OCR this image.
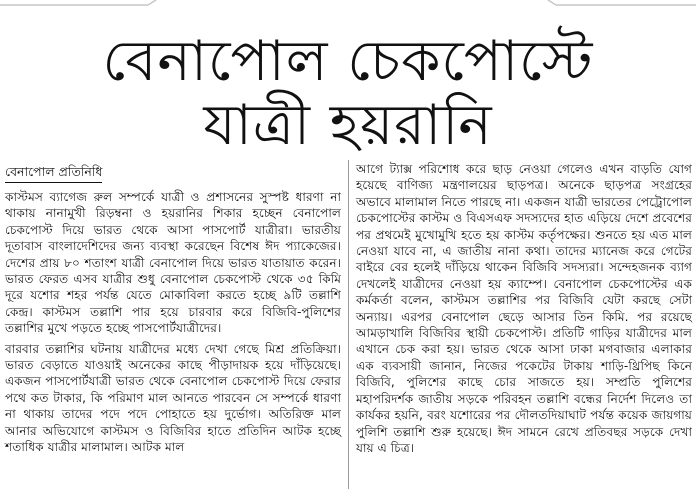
বেনাপোল চেকপোস্টে
যাত্রী হয়রানি
বেনাপোল প্রতিনিধি

কাস্টমস ব্যাগেজ রুল সম্পর্কে যাত্রী ও প্রশাসনের সুস্পষ্ট ধারণা না থাকায় নানামুখী রিড়ম্বনা ও হয়রানির শিকার হচ্ছেন বেনাপোল চেকপোস্ট দিয়ে ভারত থেকে আসা পাসপোর্ট যাত্রীরা। ভারতীয় দূতাবাস বাংলাদেশিদের জন্য ব্যবস্থা করেছেন বিশেষ ঈদ প্যাকেজের। দেশের প্রায় ৮০ শতাংশ যাত্রী বেনাপোল দিয়ে ভারত যাতায়াত করেন। ভারত ফেরত এসব যাত্রীর শুধু বেনাপোল চেকপোস্ট থেকে ৩৫ কিমি দূরে যশোর শহর পর্যন্ত যেতে মোকাবিলা করতে হচ্ছে ৯টি তল্লাশি কেন্দ্র। কাস্টমস তল্লাশি পার হয়ে চারবার করে বিজিবি-পুলিশের তল্লাশির মুখে পড়তে হচ্ছে পাসপোর্টযাত্রীদের।

বারবার তল্লাশির ঘটনায় যাত্রীদের মধ্যে দেখা গেছে মিশ্র প্রতিক্রিয়া। ভারত বেড়াতে যাওয়াই অনেকের কাছে পীড়াদায়ক হয়ে দাঁড়িয়েছে। একজন পাসপোর্টযাত্রী ভারত থেকে বেনাপোল চেকপোস্ট দিয়ে ফেরার পথে কত টাকার, কি পরিমাণ মাল আনতে পারবেন সে সম্পর্কে ধারণা না থাকায় তাদের পদে পদে পোহাতে হয় দুর্ভোগ। অতিরিক্ত মাল আনার অভিযোগে কাস্টমস ও বিজিবির হাতে প্রতিদিন আটক হচ্ছে শতাধিক যাত্রীর মালামাল। আটক মাল

আগে ট্যাক্স পরিশোধ করে ছাড় নেওয়া গেলেও এখন বাড়তি যোগ হয়েছে বাণিজ্য মন্ত্রণালয়ের ছাড়পত্র। অনেকে ছাড়পত্র সংগ্রহের অভাবে মালামাল নিতে পারছে না। একজন যাত্রী ভারতের পেট্রোপোল চেকপোস্টের কাস্টম ও বিএসএফ সদস্যদের হাত এড়িয়ে দেশে প্রবেশের পর প্রথমেই মুখোমুখি হতে হয় কাস্টম কর্তৃপক্ষের। শুনতে হয় এত মাল নেওয়া যাবে না, এ জাতীয় নানা কথা। তাদের ম্যানেজ করে গেটের বাইরে বের হলেই দাঁড়িয়ে থাকেন বিজিবি সদস্যরা। সন্দেহজনক ব্যাগ দেখলেই যাত্রীদের নেওয়া হয় ক্যাম্পে। বেনাপোল চেকপোস্টের এক কর্মকর্তা বলেন, কাস্টমস তল্লাশির পর বিজিবি যেটা করছে সেটা অন্যায়। এরপর বেনাপোল ছেড়ে আসার তিন কিমি. পর রয়েছে আমড়াখালি বিজিবির স্থায়ী চেকপোস্ট। প্রতিটি গাড়ির যাত্রীদের মাল এখানে চেক করা হয়। ভারত থেকে আসা ঢাকা মগবাজার এলাকার এক ব্যবসায়ী জানান, নিজের পকেটের টাকায় শাড়ি-থ্রিপিছ কিনে বিজিবি, পুলিশের কাছে চোর সাজতে হয়। সম্প্রতি পুলিশের মহাপরিদর্শক জাতীয় সড়কে পরিবহন তল্লাশি বন্ধের নির্দেশ দিলেও তা কার্যকর হয়নি, বরং যশোরের পর দৌলতদিয়াঘাট পর্যন্ত কয়েক জায়গায় পুলিশি তল্লাশি শুরু হয়েছে। ঈদ সামনে রেখে প্রতিবছর সড়কে দেখা যায় এ চিত্র।
